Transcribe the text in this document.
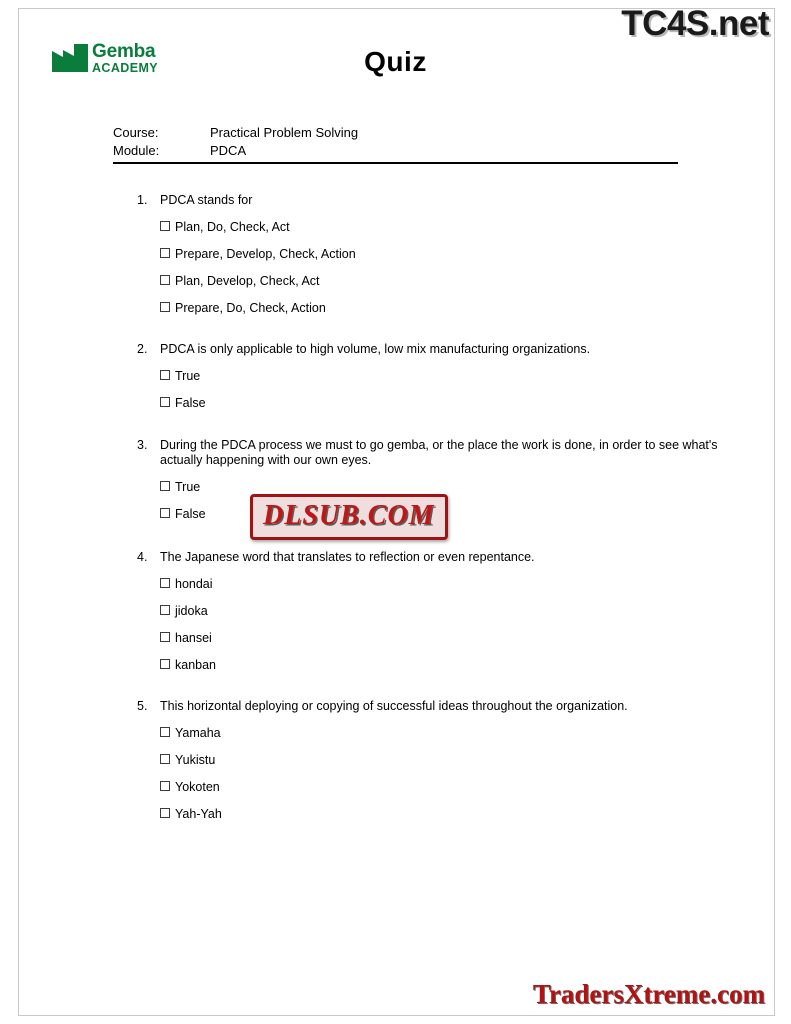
Gemba
ACADEMY	Quiz
Course:	Practical Problem Solving
Module:	PDCA
1.	PDCA stands for
Plan, Do, Check, Act
Prepare, Develop, Check, Action
Plan, Develop, Check, Act
Prepare, Do, Check, Action
2.	PDCA is only applicable to high volume, low mix manufacturing organizations.
True
False
3.	During the PDCA process we must to go gemba, or the place the work is done, in order to see what's actually happening with our own eyes.
True
False
4.	The Japanese word that translates to reflection or even repentance.
hondai
jidoka
hansei
kanban
5.	This horizontal deploying or copying of successful ideas throughout the organization.
Yamaha
Yukistu
Yokoten
Yah-Yah
TC4S.net
DLSUB.COM
TradersXtreme.com
